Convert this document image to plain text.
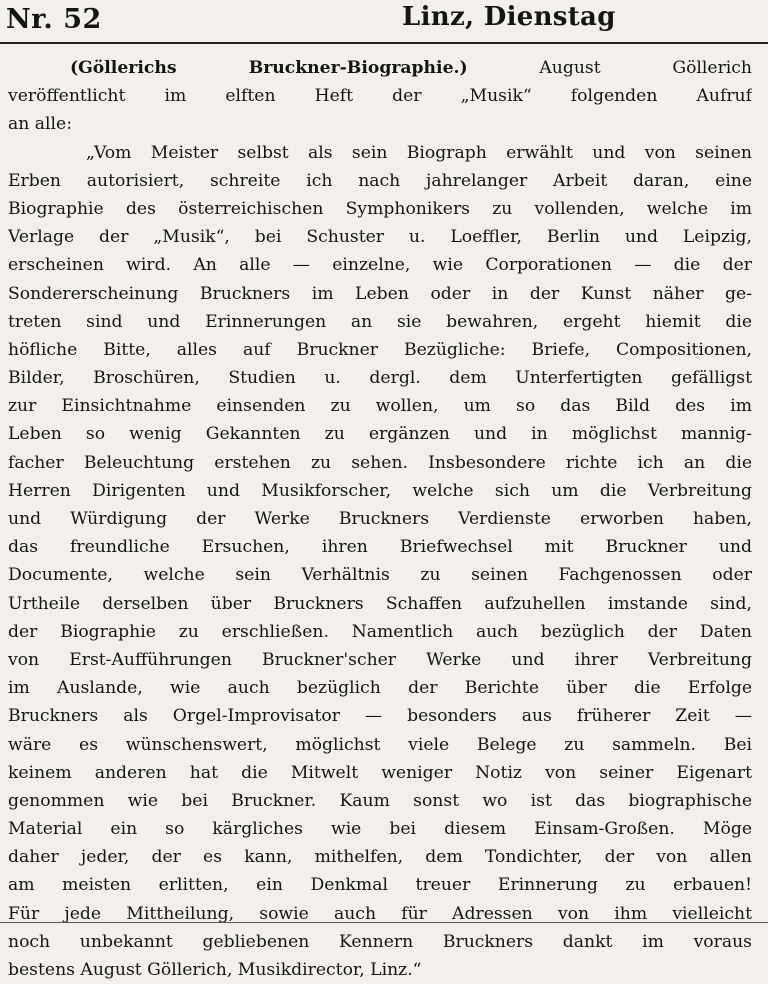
Nr. 52	Linz, Dienstag
(Göllerichs Bruckner-Biographie.)	August Göllerich
veröffentlicht im elften Heft der „Musik“ folgenden Aufruf
an alle:
„Vom Meister selbst als sein Biograph erwählt und von seinen
Erben autorisiert, schreite ich nach jahrelanger Arbeit daran, eine
Biographie des österreichischen Symphonikers zu vollenden, welche im
Verlage der „Musik“, bei Schuster u. Loeffler, Berlin und Leipzig,
erscheinen wird. An alle — einzelne, wie Corporationen — die der
Sondererscheinung Bruckners im Leben oder in der Kunst näher ge-
treten sind und Erinnerungen an sie bewahren, ergeht hiemit die
höfliche Bitte, alles auf Bruckner Bezügliche: Briefe, Compositionen,
Bilder, Broschüren, Studien u. dergl. dem Unterfertigten gefälligst
zur Einsichtnahme einsenden zu wollen, um so das Bild des im
Leben so wenig Gekannten zu ergänzen und in möglichst mannig-
facher Beleuchtung erstehen zu sehen. Insbesondere richte ich an die
Herren Dirigenten und Musikforscher, welche sich um die Verbreitung
und Würdigung der Werke Bruckners Verdienste erworben haben,
das freundliche Ersuchen, ihren Briefwechsel mit Bruckner und
Documente, welche sein Verhältnis zu seinen Fachgenossen oder
Urtheile derselben über Bruckners Schaffen aufzuhellen imstande sind,
der Biographie zu erschließen. Namentlich auch bezüglich der Daten
von Erst-Aufführungen Bruckner'scher Werke und ihrer Verbreitung
im Auslande, wie auch bezüglich der Berichte über die Erfolge
Bruckners als Orgel-Improvisator — besonders aus früherer Zeit —
wäre es wünschenswert, möglichst viele Belege zu sammeln. Bei
keinem anderen hat die Mitwelt weniger Notiz von seiner Eigenart
genommen wie bei Bruckner. Kaum sonst wo ist das biographische
Material ein so kärgliches wie bei diesem Einsam-Großen. Möge
daher jeder, der es kann, mithelfen, dem Tondichter, der von allen
am meisten erlitten, ein Denkmal treuer Erinnerung zu erbauen!
Für jede Mittheilung, sowie auch für Adressen von ihm vielleicht
noch unbekannt gebliebenen Kennern Bruckners dankt im voraus
bestens August Göllerich, Musikdirector, Linz.“
